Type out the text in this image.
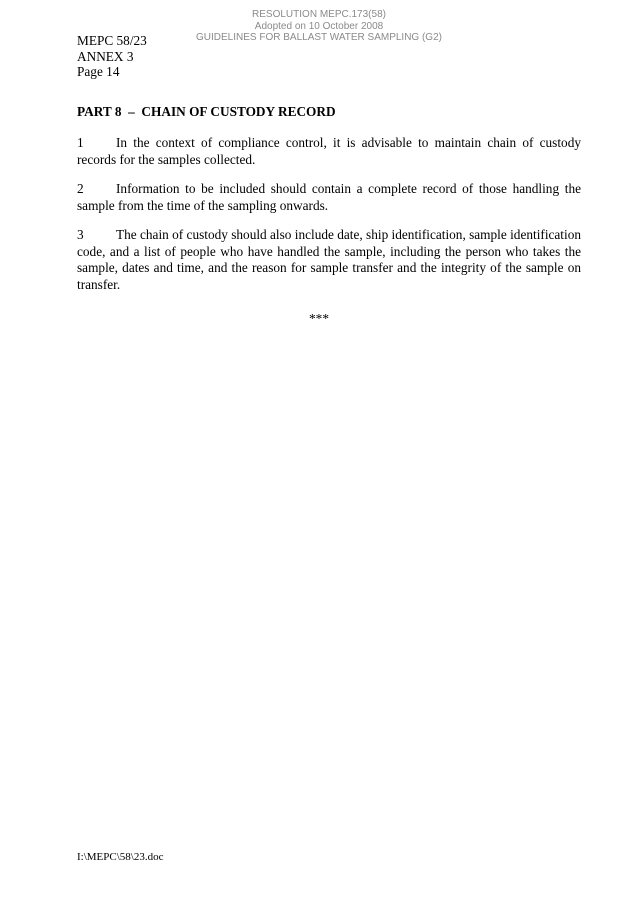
RESOLUTION MEPC.173(58)
Adopted on 10 October 2008
GUIDELINES FOR BALLAST WATER SAMPLING (G2)
MEPC 58/23
ANNEX 3
Page 14
PART 8  –  CHAIN OF CUSTODY RECORD
1 In the context of compliance control, it is advisable to maintain chain of custody records for the samples collected.
2 Information to be included should contain a complete record of those handling the sample from the time of the sampling onwards.
3 The chain of custody should also include date, ship identification, sample identification code, and a list of people who have handled the sample, including the person who takes the sample, dates and time, and the reason for sample transfer and the integrity of the sample on transfer.
***
I:\MEPC\58\23.doc
